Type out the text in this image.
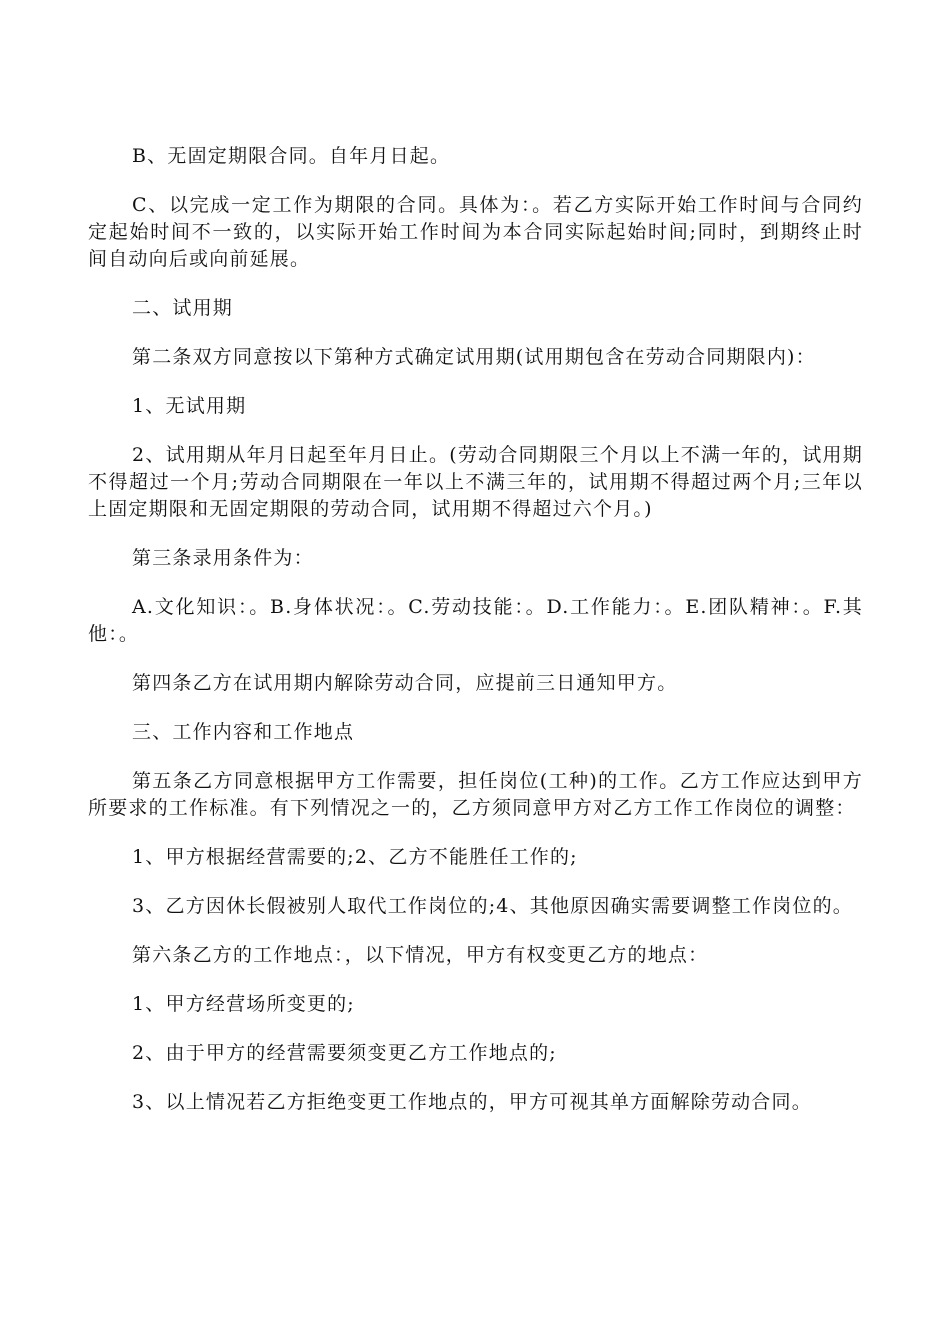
B、无固定期限合同。自年月日起。

C、以完成一定工作为期限的合同。具体为：。若乙方实际开始工作时间与合同约定起始时间不一致的，以实际开始工作时间为本合同实际起始时间;同时，到期终止时间自动向后或向前延展。

二、试用期

第二条双方同意按以下第种方式确定试用期(试用期包含在劳动合同期限内)：

1、无试用期

2、试用期从年月日起至年月日止。(劳动合同期限三个月以上不满一年的，试用期不得超过一个月;劳动合同期限在一年以上不满三年的，试用期不得超过两个月;三年以上固定期限和无固定期限的劳动合同，试用期不得超过六个月。)

第三条录用条件为：

A.文化知识：。B.身体状况：。C.劳动技能：。D.工作能力：。E.团队精神：。F.其他：。

第四条乙方在试用期内解除劳动合同，应提前三日通知甲方。

三、工作内容和工作地点

第五条乙方同意根据甲方工作需要，担任岗位(工种)的工作。乙方工作应达到甲方所要求的工作标准。有下列情况之一的，乙方须同意甲方对乙方工作工作岗位的调整：

1、甲方根据经营需要的;2、乙方不能胜任工作的;

3、乙方因休长假被别人取代工作岗位的;4、其他原因确实需要调整工作岗位的。

第六条乙方的工作地点：，以下情况，甲方有权变更乙方的地点：

1、甲方经营场所变更的;

2、由于甲方的经营需要须变更乙方工作地点的;

3、以上情况若乙方拒绝变更工作地点的，甲方可视其单方面解除劳动合同。
